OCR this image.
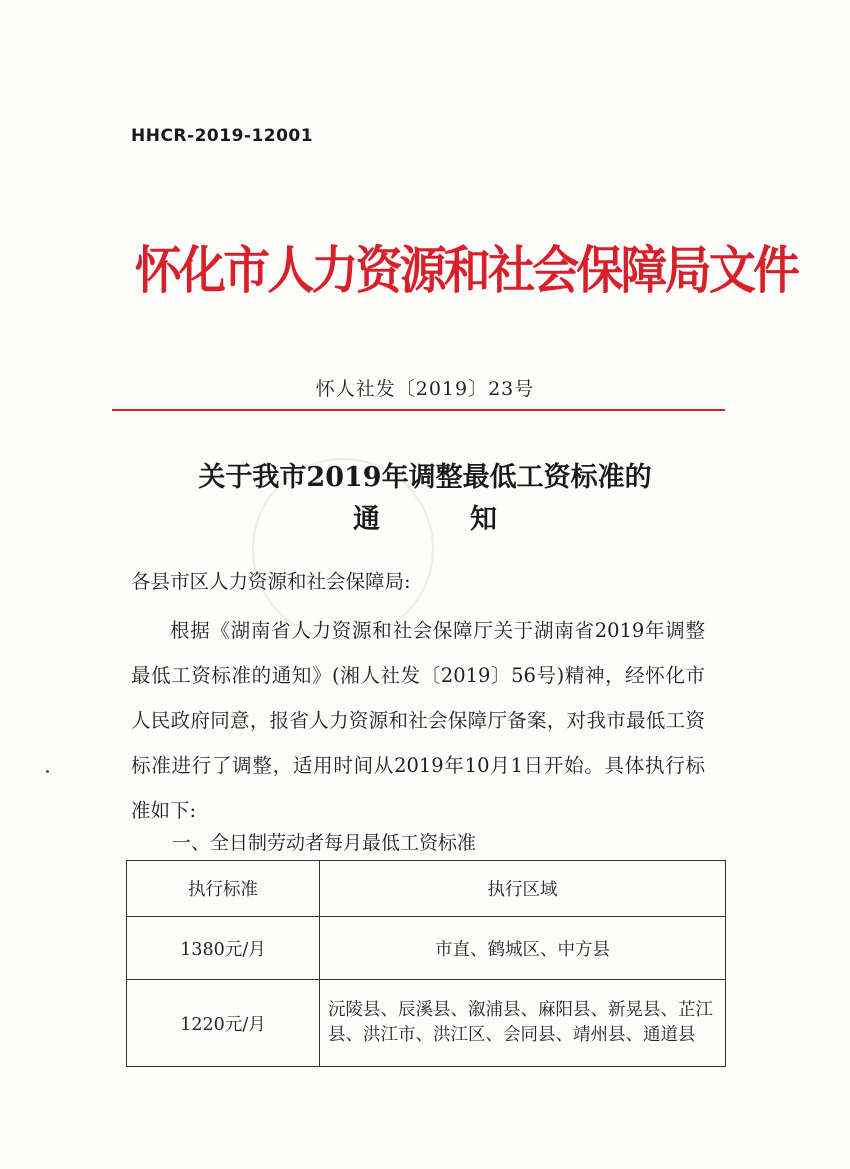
HHCR-2019-12001
怀化市人力资源和社会保障局文件
怀人社发〔2019〕23号
关于我市2019年调整最低工资标准的
通知
各县市区人力资源和社会保障局:

根据《湖南省人力资源和社会保障厅关于湖南省2019年调整最低工资标准的通知》(湘人社发〔2019〕56号)精神，经怀化市人民政府同意，报省人力资源和社会保障厅备案，对我市最低工资标准进行了调整，适用时间从2019年10月1日开始。具体执行标准如下:

一、全日制劳动者每月最低工资标准
执行标准	执行区域
1380元/月	市直、鹤城区、中方县
1220元/月	沅陵县、辰溪县、溆浦县、麻阳县、新晃县、芷江县、洪江市、洪江区、会同县、靖州县、通道县
